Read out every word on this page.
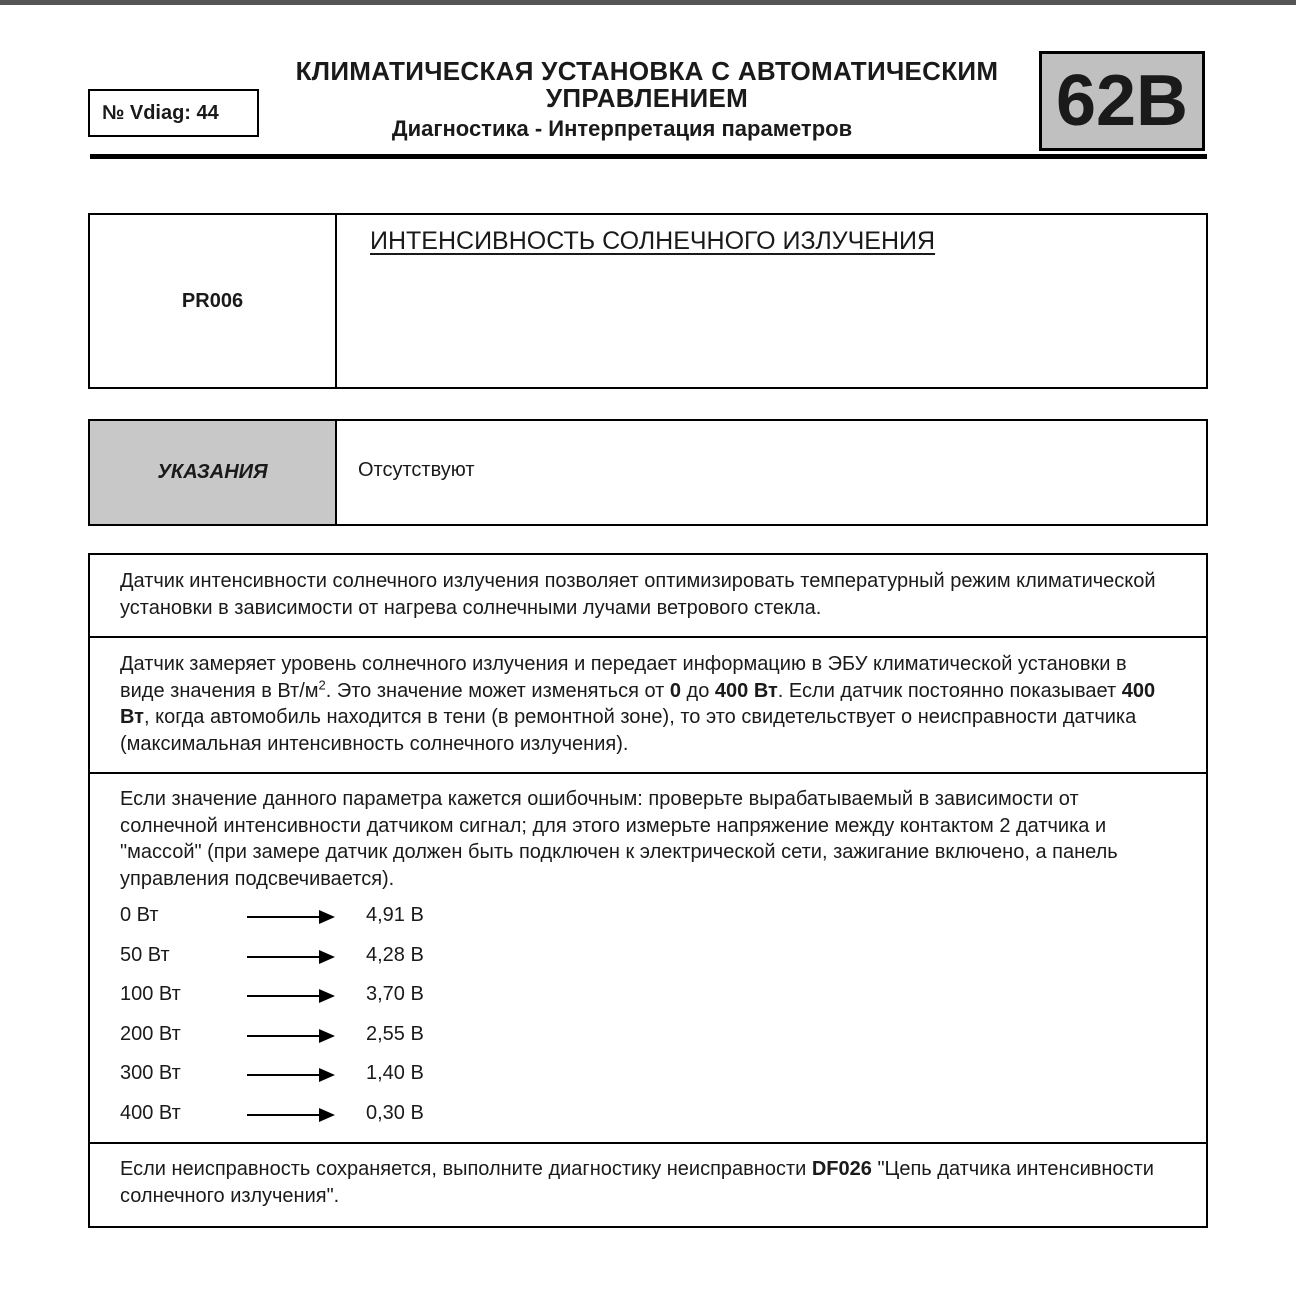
№ Vdiag: 44
КЛИМАТИЧЕСКАЯ УСТАНОВКА С АВТОМАТИЧЕСКИМ
УПРАВЛЕНИЕМ
Диагностика - Интерпретация параметров	62B
PR006
ИНТЕНСИВНОСТЬ СОЛНЕЧНОГО ИЗЛУЧЕНИЯ
УКАЗАНИЯ	Отсутствуют
Датчик интенсивности солнечного излучения позволяет оптимизировать температурный режим климатической установки в зависимости от нагрева солнечными лучами ветрового стекла.
Датчик замеряет уровень солнечного излучения и передает информацию в ЭБУ климатической установки в виде значения в $Вт/м^2$. Это значение может изменяться от 0 до 400 Вт. Если датчик постоянно показывает 400 Вт, когда автомобиль находится в тени (в ремонтной зоне), то это свидетельствует о неисправности датчика (максимальная интенсивность солнечного излучения).
Если значение данного параметра кажется ошибочным: проверьте вырабатываемый в зависимости от солнечной интенсивности датчиком сигнал; для этого измерьте напряжение между контактом 2 датчика и "массой" (при замере датчик должен быть подключен к электрической сети, зажигание включено, а панель управления подсвечивается).
0 Вт	4,91 В
50 Вт	4,28 В
100 Вт	3,70 В
200 Вт	2,55 В
300 Вт	1,40 В
400 Вт	0,30 В
Если неисправность сохраняется, выполните диагностику неисправности DF026 "Цепь датчика интенсивности солнечного излучения".
